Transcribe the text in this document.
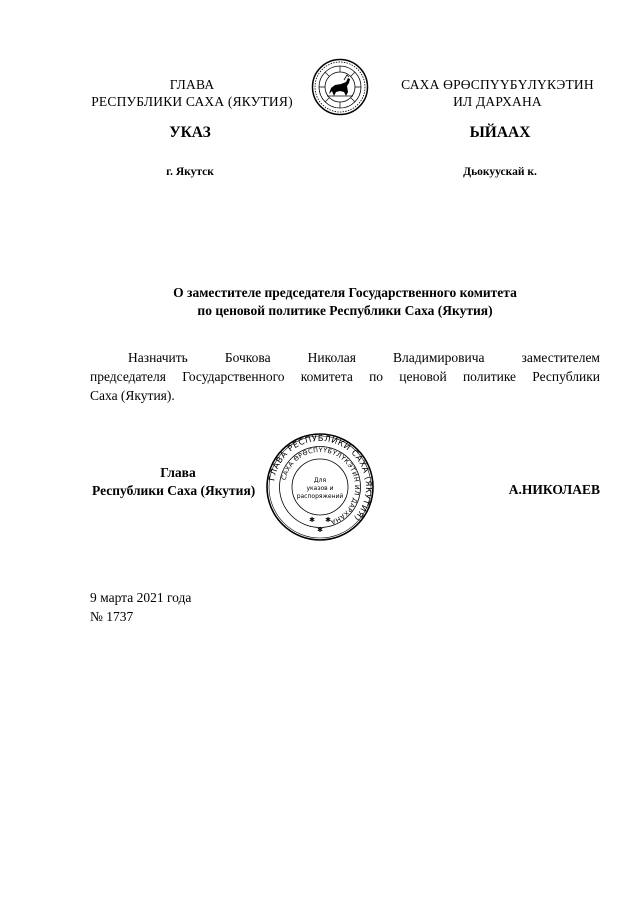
ГЛАВА
РЕСПУБЛИКИ САХА (ЯКУТИЯ)
САХА ӨРӨСПҮҮБҮЛҮКЭТИН
ИЛ ДАРХАНА
УКАЗ	ЫЙААХ
г. Якутск	Дьокуускай к.
О заместителе председателя Государственного комитета
по ценовой политике Республики Саха (Якутия)
Назначить	Бочкова	Николая	Владимировича	заместителем
председателя Государственного комитета по ценовой политике Республики
Саха (Якутия).
Глава
Республики Саха (Якутия)
ГЛАВА РЕСПУБЛИКИ САХА (ЯКУТИЯ)
САХА ӨРӨСПҮҮБҮЛҮКЭТИН ИЛ ДАРХАНА
Для
указов и
распоряжений
✱ ✱
✱
А.НИКОЛАЕВ
9 марта 2021 года
№ 1737
